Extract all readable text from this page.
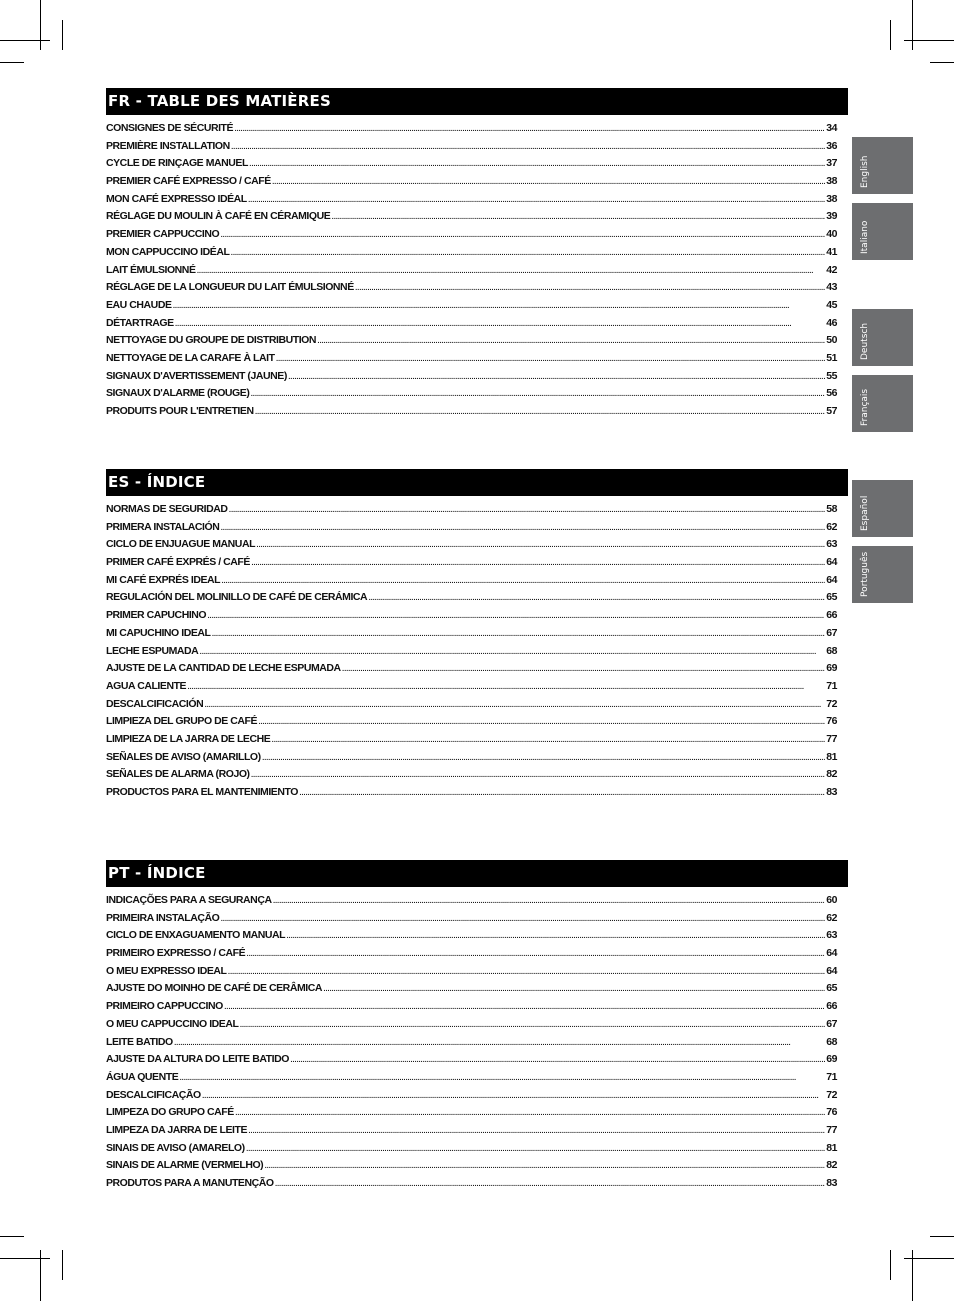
FR - TABLE DES MATIÈRES
CONSIGNES DE SÉCURITÉ . . .	34
PREMIÈRE INSTALLATION . . .	36
CYCLE DE RINÇAGE MANUEL . . .	37
PREMIER CAFÉ EXPRESSO / CAFÉ . . .	38
MON CAFÉ EXPRESSO IDÉAL . . .	38
RÉGLAGE DU MOULIN À CAFÉ EN CÉRAMIQUE . . .	39
PREMIER CAPPUCCINO . . .	40
MON CAPPUCCINO IDÉAL . . .	41
LAIT ÉMULSIONNÉ . . .	42
RÉGLAGE DE LA LONGUEUR DU LAIT ÉMULSIONNÉ . . .	43
EAU CHAUDE . . .	45
DÉTARTRAGE . . .	46
NETTOYAGE DU GROUPE DE DISTRIBUTION . . .	50
NETTOYAGE DE LA CARAFE À LAIT . . .	51
SIGNAUX D'AVERTISSEMENT (JAUNE) . . .	55
SIGNAUX D'ALARME (ROUGE) . . .	56
PRODUITS POUR L'ENTRETIEN . . .	57
ES - ÍNDICE
NORMAS DE SEGURIDAD . . .	58
PRIMERA INSTALACIÓN . . .	62
CICLO DE ENJUAGUE MANUAL . . .	63
PRIMER CAFÉ EXPRÉS / CAFÉ . . .	64
MI CAFÉ EXPRÉS IDEAL . . .	64
REGULACIÓN DEL MOLINILLO DE CAFÉ DE CERÁMICA . . .	65
PRIMER CAPUCHINO . . .	66
MI CAPUCHINO IDEAL . . .	67
LECHE ESPUMADA . . .	68
AJUSTE DE LA CANTIDAD DE LECHE ESPUMADA . . .	69
AGUA CALIENTE . . .	71
DESCALCIFICACIÓN . . .	72
LIMPIEZA DEL GRUPO DE CAFÉ . . .	76
LIMPIEZA DE LA JARRA DE LECHE . . .	77
SEÑALES DE AVISO (AMARILLO) . . .	81
SEÑALES DE ALARMA (ROJO) . . .	82
PRODUCTOS PARA EL MANTENIMIENTO . . .	83
PT - ÍNDICE
INDICAÇÕES PARA A SEGURANÇA . . .	60
PRIMEIRA INSTALAÇÃO . . .	62
CICLO DE ENXAGUAMENTO MANUAL . . .	63
PRIMEIRO EXPRESSO / CAFÉ . . .	64
O MEU EXPRESSO IDEAL . . .	64
AJUSTE DO MOINHO DE CAFÉ DE CERÂMICA . . .	65
PRIMEIRO CAPPUCCINO . . .	66
O MEU CAPPUCCINO IDEAL . . .	67
LEITE BATIDO . . .	68
AJUSTE DA ALTURA DO LEITE BATIDO . . .	69
ÁGUA QUENTE . . .	71
DESCALCIFICAÇÃO . . .	72
LIMPEZA DO GRUPO CAFÉ . . .	76
LIMPEZA DA JARRA DE LEITE . . .	77
SINAIS DE AVISO (AMARELO) . . .	81
SINAIS DE ALARME (VERMELHO) . . .	82
PRODUTOS PARA A MANUTENÇÃO . . .	83
English
Italiano
Deutsch
Français
Español
Português
